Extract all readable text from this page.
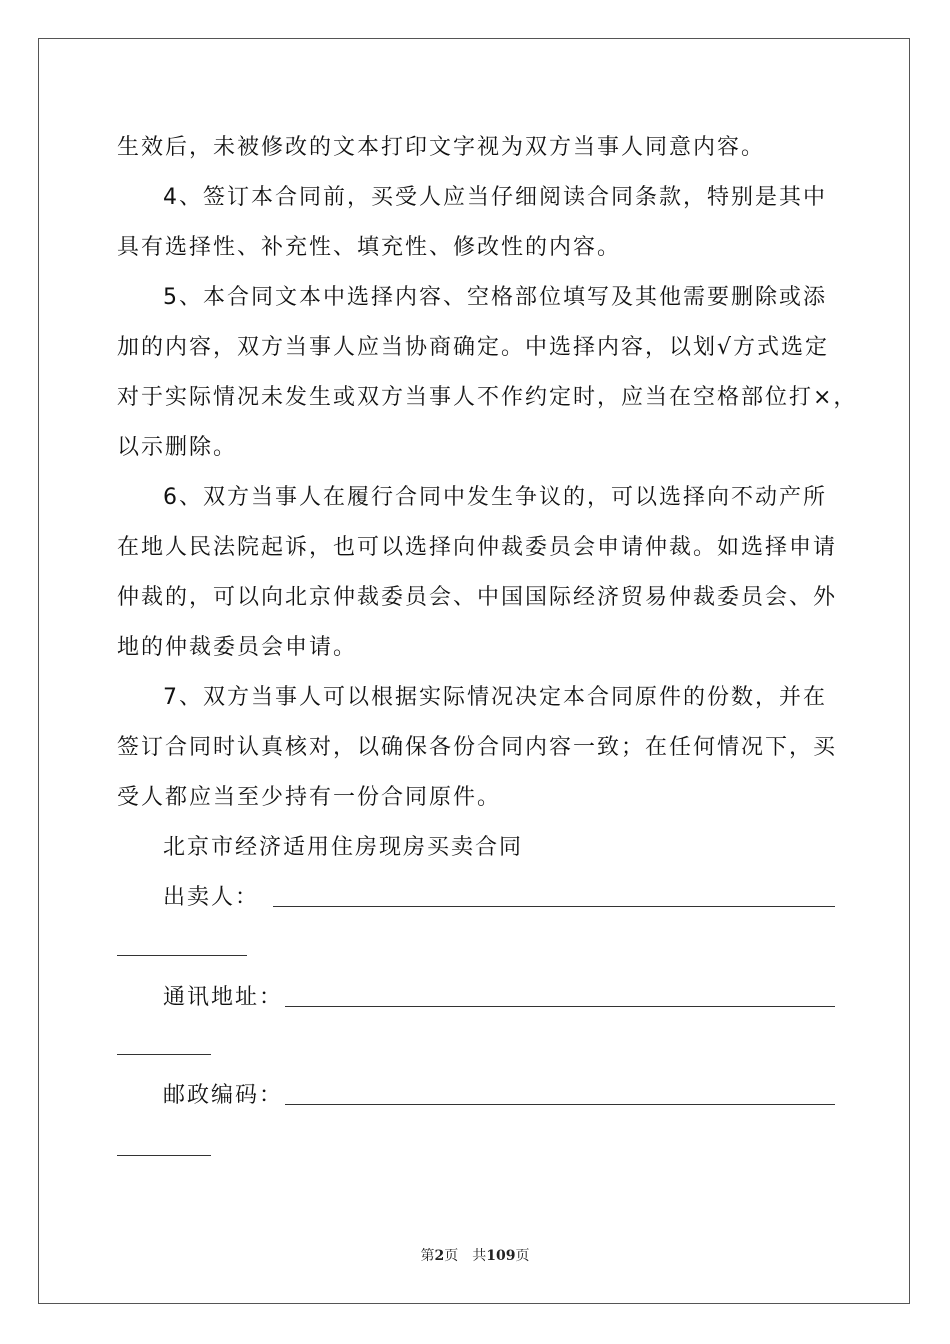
生效后，未被修改的文本打印文字视为双方当事人同意内容。
4、签订本合同前，买受人应当仔细阅读合同条款，特别是其中
具有选择性、补充性、填充性、修改性的内容。
5、本合同文本中选择内容、空格部位填写及其他需要删除或添
加的内容，双方当事人应当协商确定。中选择内容，以划√方式选定
对于实际情况未发生或双方当事人不作约定时，应当在空格部位打×，
以示删除。
6、双方当事人在履行合同中发生争议的，可以选择向不动产所
在地人民法院起诉，也可以选择向仲裁委员会申请仲裁。如选择申请
仲裁的，可以向北京仲裁委员会、中国国际经济贸易仲裁委员会、外
地的仲裁委员会申请。
7、双方当事人可以根据实际情况决定本合同原件的份数，并在
签订合同时认真核对，以确保各份合同内容一致；在任何情况下，买
受人都应当至少持有一份合同原件。
北京市经济适用住房现房买卖合同
出卖人：
通讯地址：
邮政编码：
第2页　共109页
